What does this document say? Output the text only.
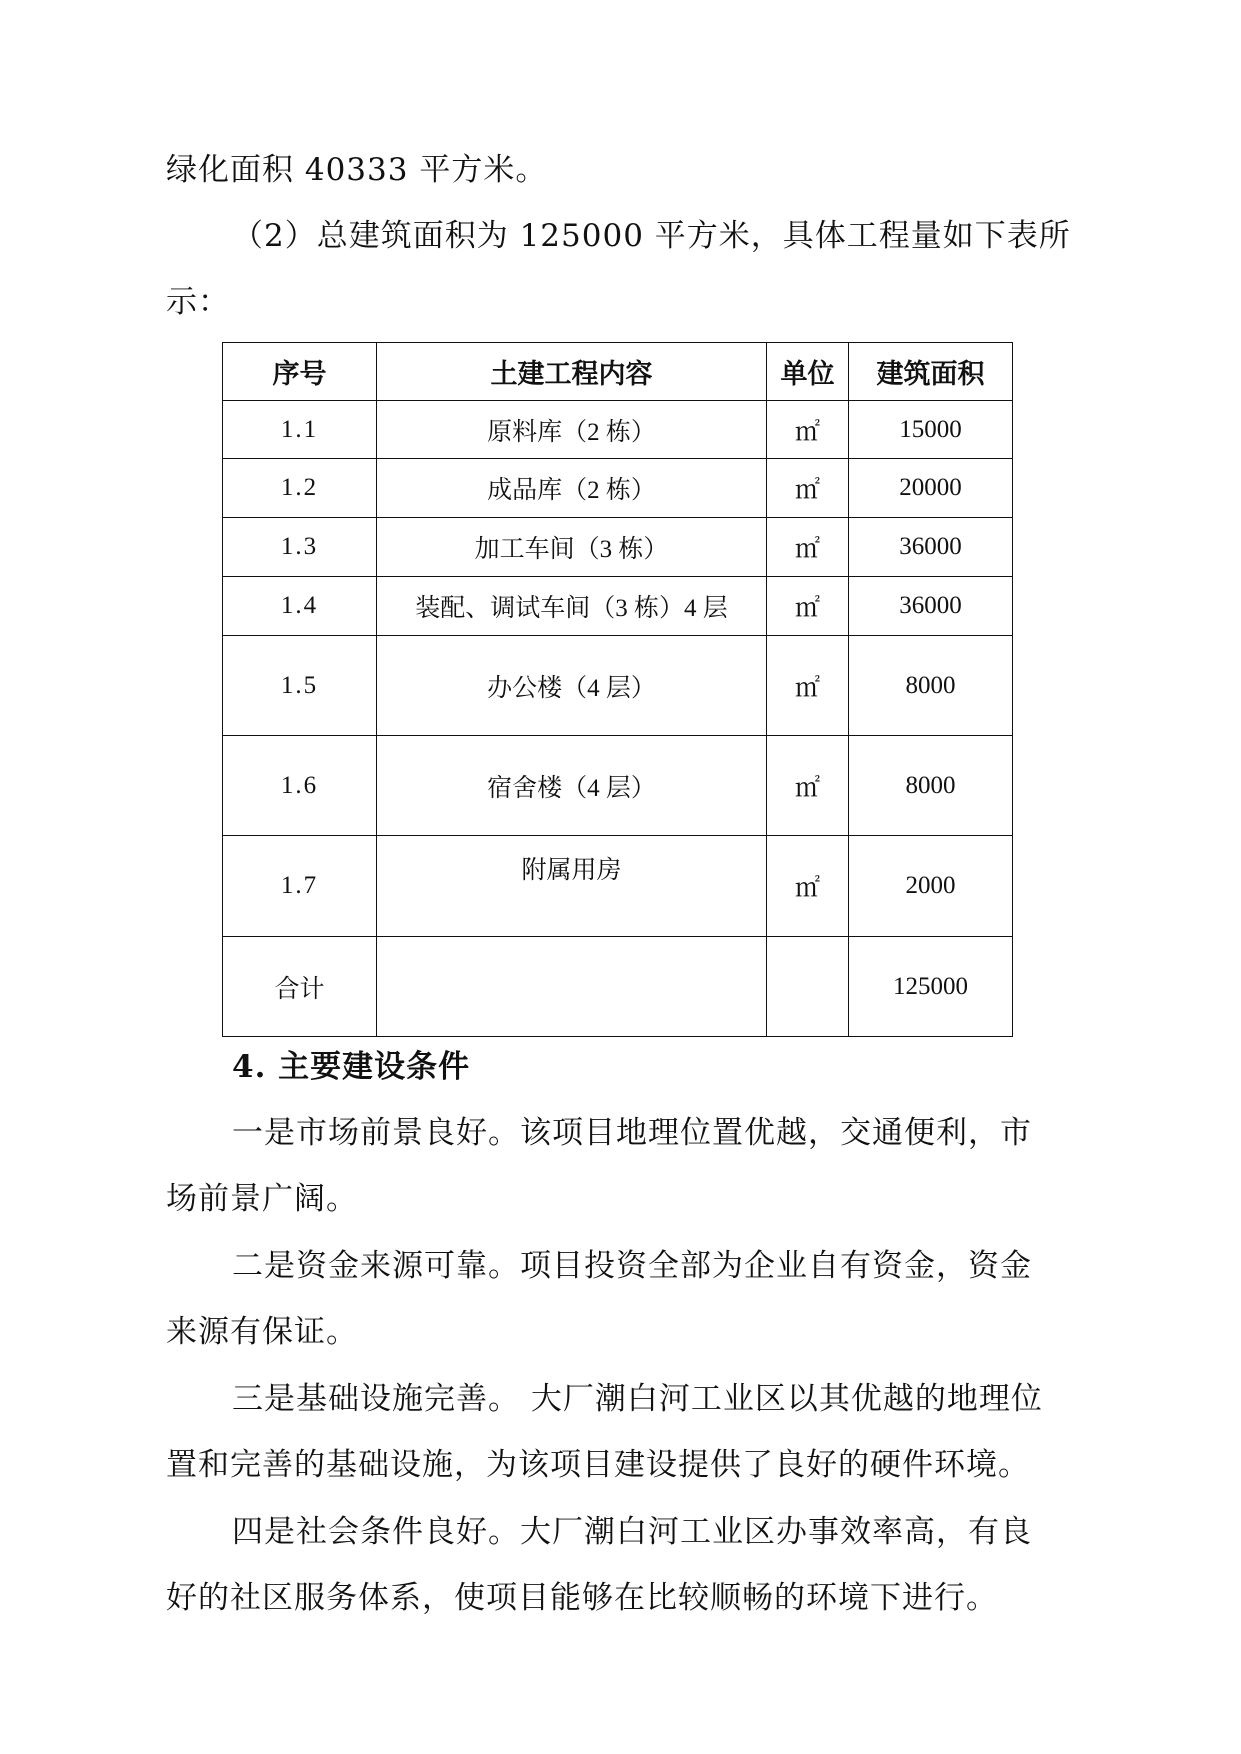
绿化面积 40333 平方米。

（2）总建筑面积为 125000 平方米，具体工程量如下表所

示：

序号	土建工程内容	单位	建筑面积
1.1	原料库（2 栋）	㎡	15000
1.2	成品库（2 栋）	㎡	20000
1.3	加工车间（3 栋）	㎡	36000
1.4	装配、调试车间（3 栋）4 层	㎡	36000
1.5	办公楼（4 层）	㎡	8000
1.6	宿舍楼（4 层）	㎡	8000
1.7	附属用房	㎡	2000
合计			125000

4. 主要建设条件

一是市场前景良好。该项目地理位置优越，交通便利，市

场前景广阔。

二是资金来源可靠。项目投资全部为企业自有资金，资金

来源有保证。

三是基础设施完善。 大厂潮白河工业区以其优越的地理位

置和完善的基础设施，为该项目建设提供了良好的硬件环境。

四是社会条件良好。大厂潮白河工业区办事效率高，有良

好的社区服务体系，使项目能够在比较顺畅的环境下进行。
